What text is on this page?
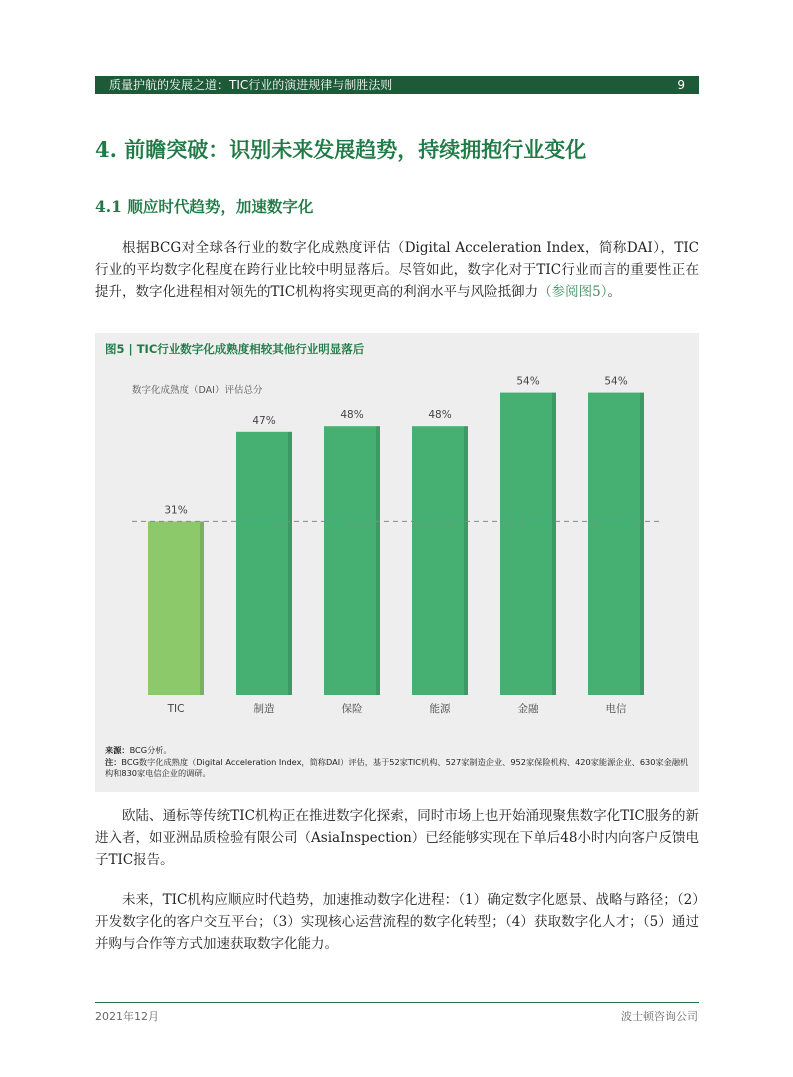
质量护航的发展之道：TIC行业的演进规律与制胜法则	9
4. 前瞻突破：识别未来发展趋势，持续拥抱行业变化
4.1 顺应时代趋势，加速数字化

根据BCG对全球各行业的数字化成熟度评估（Digital Acceleration Index，简称DAI），TIC行业的平均数字化程度在跨行业比较中明显落后。尽管如此，数字化对于TIC行业而言的重要性正在提升，数字化进程相对领先的TIC机构将实现更高的利润水平与风险抵御力（参阅图5）。

图5 | TIC行业数字化成熟度相较其他行业明显落后
数字化成熟度（DAI）评估总分
31%
TIC
47%
制造
48%
保险
48%
能源
54%
金融
54%
电信
来源：BCG分析。
注：BCG数字化成熟度（Digital Acceleration Index，简称DAI）评估，基于52家TIC机构、527家制造企业、952家保险机构、420家能源企业、630家金融机构和830家电信企业的调研。

欧陆、通标等传统TIC机构正在推进数字化探索，同时市场上也开始涌现聚焦数字化TIC服务的新进入者，如亚洲品质检验有限公司（AsiaInspection）已经能够实现在下单后48小时内向客户反馈电子TIC报告。

未来，TIC机构应顺应时代趋势，加速推动数字化进程：（1）确定数字化愿景、战略与路径；（2）开发数字化的客户交互平台；（3）实现核心运营流程的数字化转型；（4）获取数字化人才；（5）通过并购与合作等方式加速获取数字化能力。

2021年12月	波士顿咨询公司
